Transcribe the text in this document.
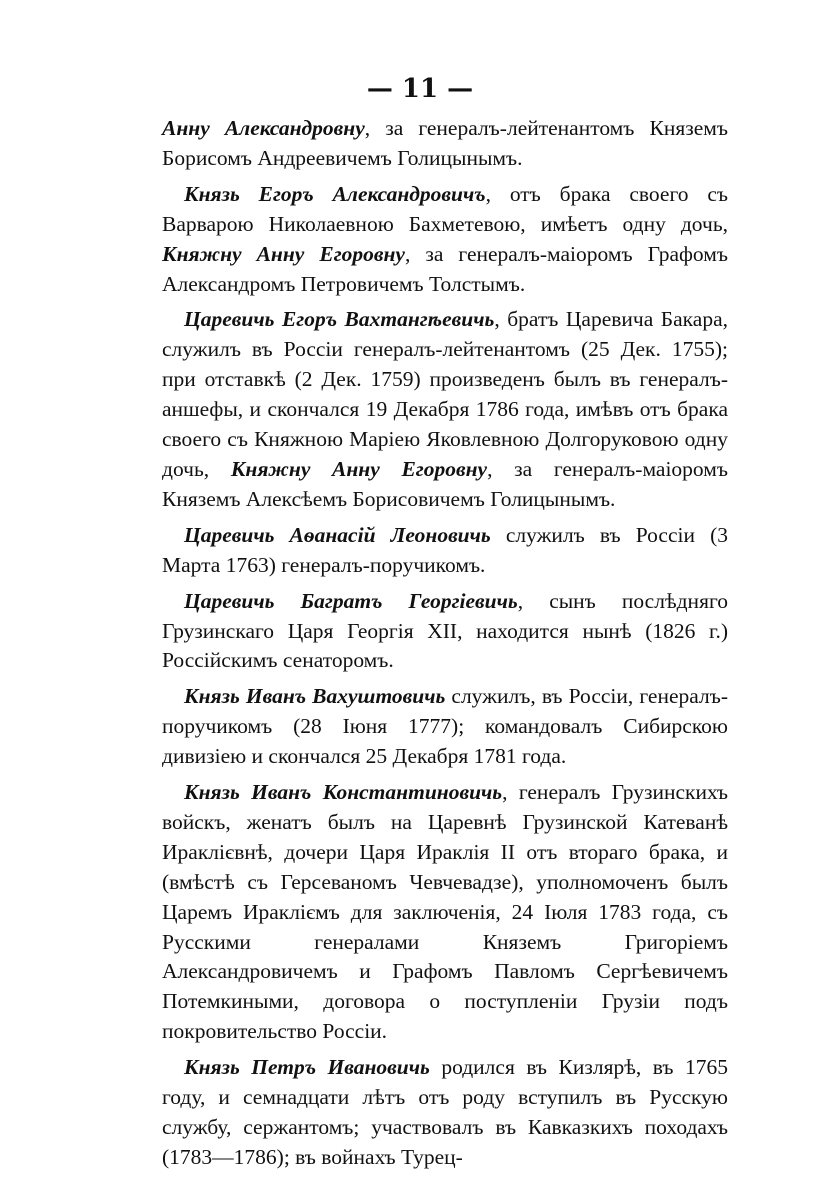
— 11 —

Анну Александровну, за генералъ-лейтенантомъ Княземъ Борисомъ Андреевичемъ Голицынымъ.

Князь Егоръ Александровичъ, отъ брака своего съ Варварою Николаевною Бахметевою, имѣетъ одну дочь, Княжну Анну Егоровну, за генералъ-маіоромъ Графомъ Александромъ Петровичемъ Толстымъ.

Царевичь Егоръ Вахтангѣевичь, братъ Царевича Бакара, служилъ въ Россіи генералъ-лейтенантомъ (25 Дек. 1755); при отставкѣ (2 Дек. 1759) произведенъ былъ въ генералъ-аншефы, и скончался 19 Декабря 1786 года, имѣвъ отъ брака своего съ Княжною Маріею Яковлевною Долгоруковою одну дочь, Княжну Анну Егоровну, за генералъ-маіоромъ Княземъ Алексѣемъ Борисовичемъ Голицынымъ.

Царевичь Аѳанасій Леоновичь служилъ въ Россіи (3 Марта 1763) генералъ-поручикомъ.

Царевичь Багратъ Георгіевичь, сынъ послѣдняго Грузинскаго Царя Георгія XII, находится нынѣ (1826 г.) Россійскимъ сенаторомъ.

Князь Иванъ Вахуштовичь служилъ, въ Россіи, генералъ-поручикомъ (28 Іюня 1777); командовалъ Сибирскою дивизіею и скончался 25 Декабря 1781 года.

Князь Иванъ Константиновичь, генералъ Грузинскихъ войскъ, женатъ былъ на Царевнѣ Грузинской Катеванѣ Ираклієвнѣ, дочери Царя Ираклія II отъ втораго брака, и (вмѣстѣ съ Герсеваномъ Чевчевадзе), уполномоченъ былъ Царемъ Иракліємъ для заключенія, 24 Іюля 1783 года, съ Русскими генералами Княземъ Григоріемъ Александровичемъ и Графомъ Павломъ Сергѣевичемъ Потемкиными, договора о поступленіи Грузіи подъ покровительство Россіи.

Князь Петръ Ивановичь родился въ Кизлярѣ, въ 1765 году, и семнадцати лѣтъ отъ роду вступилъ въ Русскую службу, сержантомъ; участвовалъ въ Кавказкихъ походахъ (1783—1786); въ войнахъ Турец-
